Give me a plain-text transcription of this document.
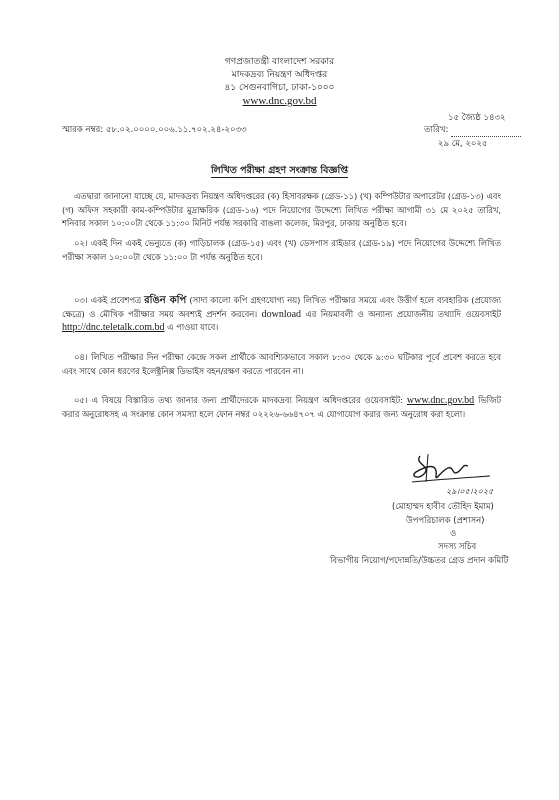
গণপ্রজাতন্ত্রী বাংলাদেশ সরকার
মাদকদ্রব্য নিয়ন্ত্রণ অধিদপ্তর
৪১ সেগুনবাগিচা, ঢাকা-১০০০
www.dnc.gov.bd
স্মারক নম্বর: ৫৮.০২.০০০০.০০৬.১১.৭০২.২৪-২০৩৩
১৫ জ্যৈষ্ঠ ১৪৩২
তারিখ:
২৯ মে, ২০২৫
লিখিত পরীক্ষা গ্রহণ সংক্রান্ত বিজ্ঞপ্তি
এতদ্বারা জানানো যাচ্ছে যে, মাদকদ্রব্য নিয়ন্ত্রণ অধিদপ্তরের (ক) হিসাবরক্ষক (গ্রেড-১১) (খ) কম্পিউটার অপারেটর (গ্রেড-১৩) এবং (গ) অফিস সহকারী কাম-কম্পিউটার মুদ্রাক্ষরিক (গ্রেড-১৬) পদে নিয়োগের উদ্দেশ্যে লিখিত পরীক্ষা আগামী ৩১ মে ২০২৫ তারিখ, শনিবার সকাল ১০:০০টা থেকে ১১:৩০ মিনিট পর্যন্ত সরকারি বাঙলা কলেজ, মিরপুর, ঢাকায় অনুষ্ঠিত হবে।
০২। একই দিন একই ভেন্যুতে (ক) গাড়িচালক (গ্রেড-১৫) এবং (খ) ডেসপাস রাইডার (গ্রেড-১৯) পদে নিয়োগের উদ্দেশ্যে লিখিত পরীক্ষা সকাল ১০:০০টা থেকে ১১:০০ টা পর্যন্ত অনুষ্ঠিত হবে।
০৩। একই প্রবেশপত্র রঙিন কপি (সাদা কালো কপি গ্রহণযোগ্য নয়) লিখিত পরীক্ষার সময়ে এবং উত্তীর্ণ হলে ব্যবহারিক (প্রযোজ্য ক্ষেত্রে) ও মৌখিক পরীক্ষার সময় অবশ্যই প্রদর্শন করবেন। download এর নিয়মাবলী ও অন্যান্য প্রয়োজনীয় তথ্যাদি ওয়েবসাইট http://dnc.teletalk.com.bd এ পাওয়া যাবে।
০৪। লিখিত পরীক্ষার দিন পরীক্ষা কেন্দ্রে সকল প্রার্থীকে আবশ্যিকভাবে সকাল ৮:৩০ থেকে ৯:৩০ ঘটিকার পূর্বে প্রবেশ করতে হবে এবং সাথে কোন ধরণের ইলেক্ট্রনিক্স ডিভাইস বহন/রক্ষণ করতে পারবেন না।
০৫। এ বিষয়ে বিস্তারিত তথ্য জানার জন্য প্রার্থীদেরকে মাদকদ্রব্য নিয়ন্ত্রণ অধিদপ্তরের ওয়েবসাইট: www.dnc.gov.bd ভিজিট করার অনুরোধসহ এ সংক্রান্ত কোন সমস্যা হলে ফোন নম্বর ০২২২৬-৬৬৪৭০৭ এ যোগাযোগ করার জন্য অনুরোধ করা হলো।
২৯।০৫।২০২৫
(মোহাম্মদ হাবীব তৌহিদ ইমাম)
উপপরিচালক (প্রশাসন)
ও
সদস্য সচিব
বিভাগীয় নিয়োগ/পদোন্নতি/উচ্চতর গ্রেড প্রদান কমিটি
